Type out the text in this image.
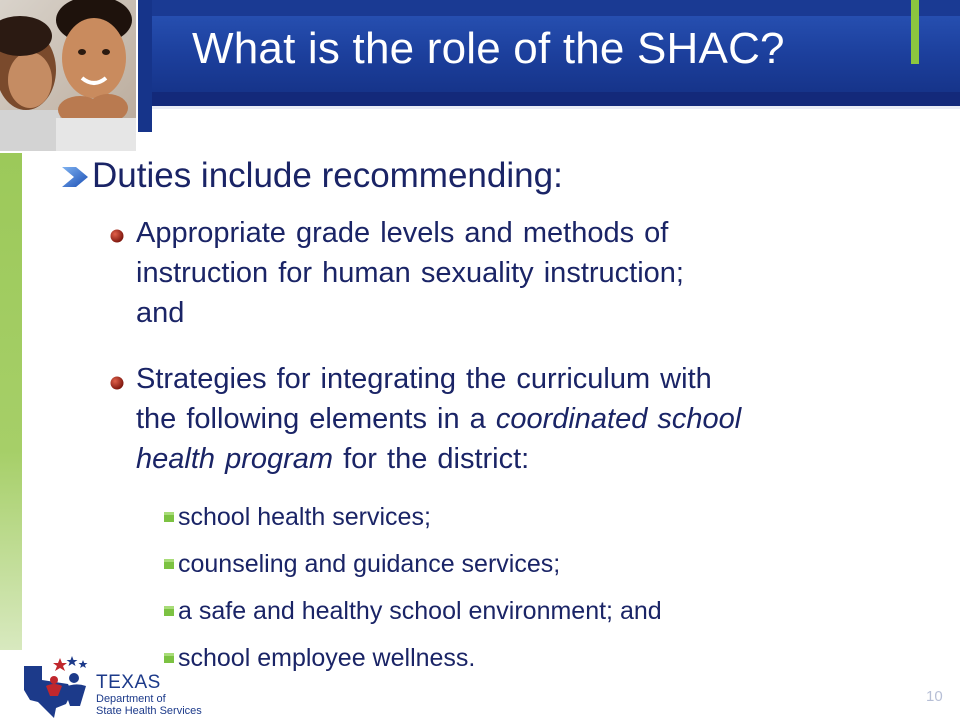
What is the role of the SHAC?

Duties include recommending:

Appropriate grade levels and methods of
instruction for human sexuality instruction;
and
Strategies for integrating the curriculum with
the following elements in a coordinated school
health program for the district:

school health services;

counseling and guidance services;

a safe and healthy school environment; and

school employee wellness.

TEXAS
Department of
State Health Services
10
